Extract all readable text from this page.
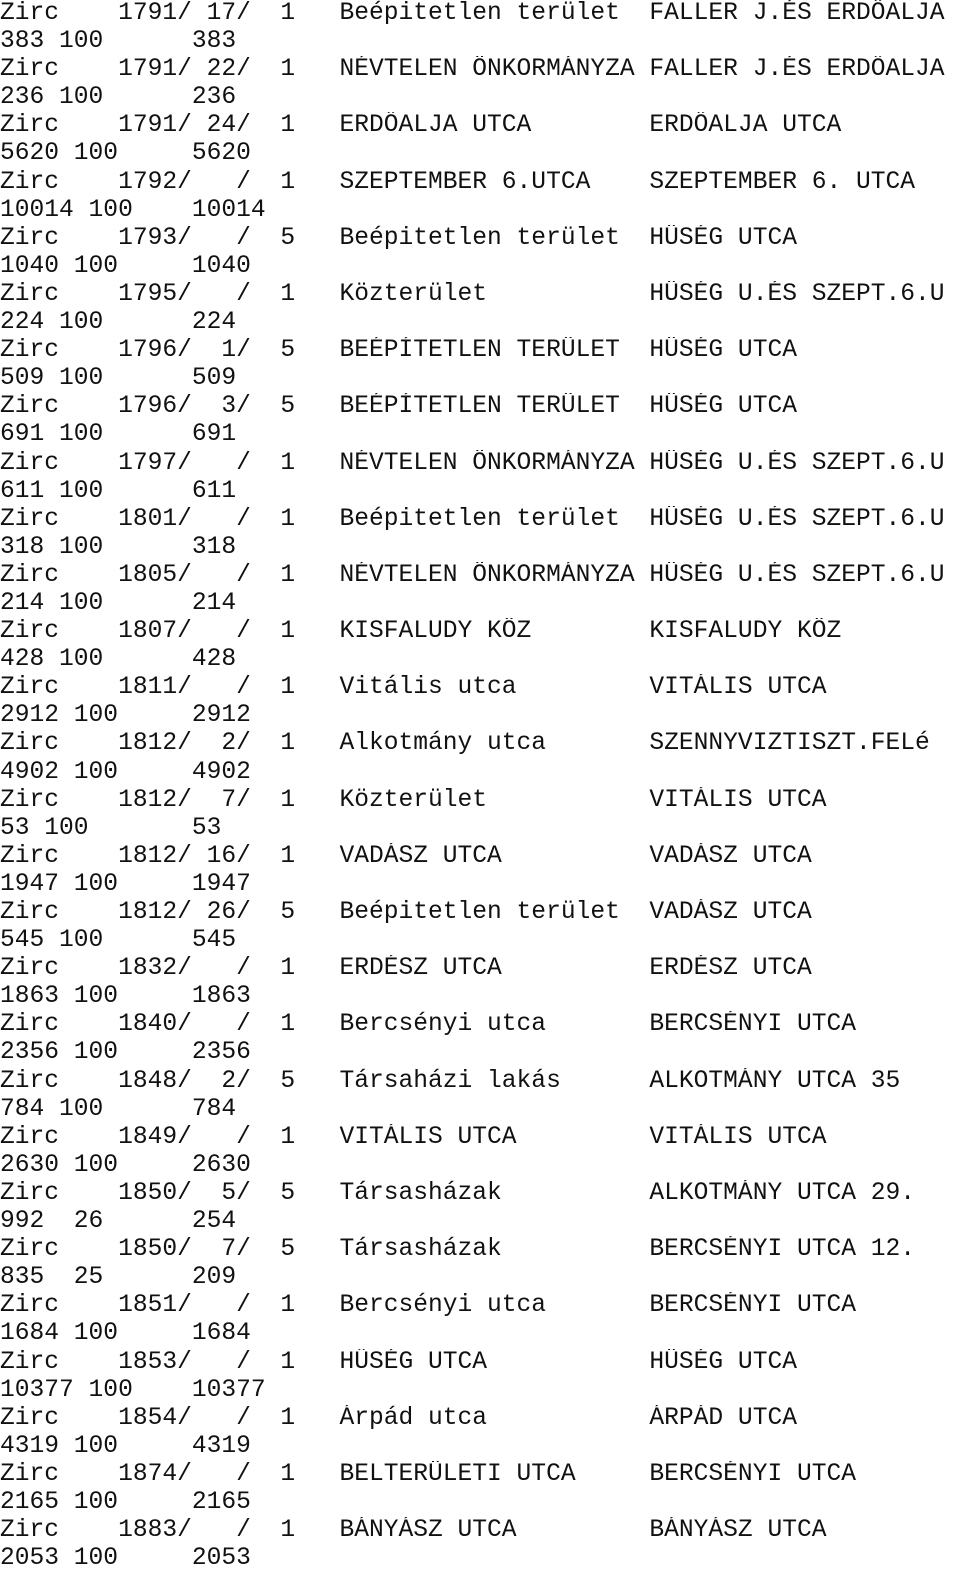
Zirc    1791/ 17/  1   Beépitetlen terület  FALLER J.ÉS ERDŐALJA
383 100      383
Zirc    1791/ 22/  1   NÉVTELEN ÖNKORMÁNYZA FALLER J.ÉS ERDŐALJA
236 100      236
Zirc    1791/ 24/  1   ERDŐALJA UTCA        ERDŐALJA UTCA
5620 100     5620
Zirc    1792/   /  1   SZEPTEMBER 6.UTCA    SZEPTEMBER 6. UTCA
10014 100    10014
Zirc    1793/   /  5   Beépitetlen terület  HÜSÉG UTCA
1040 100     1040
Zirc    1795/   /  1   Közterület           HÜSÉG U.ÉS SZEPT.6.U
224 100      224
Zirc    1796/  1/  5   BEÉPÍTETLEN TERÜLET  HÜSÉG UTCA
509 100      509
Zirc    1796/  3/  5   BEÉPÍTETLEN TERÜLET  HÜSÉG UTCA
691 100      691
Zirc    1797/   /  1   NÉVTELEN ÖNKORMÁNYZA HÜSÉG U.ÉS SZEPT.6.U
611 100      611
Zirc    1801/   /  1   Beépitetlen terület  HÜSÉG U.ÉS SZEPT.6.U
318 100      318
Zirc    1805/   /  1   NÉVTELEN ÖNKORMÁNYZA HÜSÉG U.ÉS SZEPT.6.U
214 100      214
Zirc    1807/   /  1   KISFALUDY KÖZ        KISFALUDY KÖZ
428 100      428
Zirc    1811/   /  1   Vitális utca         VITÁLIS UTCA
2912 100     2912
Zirc    1812/  2/  1   Alkotmány utca       SZENNYVIZTISZT.FELé
4902 100     4902
Zirc    1812/  7/  1   Közterület           VITÁLIS UTCA
53 100       53
Zirc    1812/ 16/  1   VADÁSZ UTCA          VADÁSZ UTCA
1947 100     1947
Zirc    1812/ 26/  5   Beépitetlen terület  VADÁSZ UTCA
545 100      545
Zirc    1832/   /  1   ERDÉSZ UTCA          ERDÉSZ UTCA
1863 100     1863
Zirc    1840/   /  1   Bercsényi utca       BERCSÉNYI UTCA
2356 100     2356
Zirc    1848/  2/  5   Társaházi lakás      ALKOTMÁNY UTCA 35
784 100      784
Zirc    1849/   /  1   VITÁLIS UTCA         VITÁLIS UTCA
2630 100     2630
Zirc    1850/  5/  5   Társasházak          ALKOTMÁNY UTCA 29.
992  26      254
Zirc    1850/  7/  5   Társasházak          BERCSÉNYI UTCA 12.
835  25      209
Zirc    1851/   /  1   Bercsényi utca       BERCSÉNYI UTCA
1684 100     1684
Zirc    1853/   /  1   HŰSÉG UTCA           HÜSÉG UTCA
10377 100    10377
Zirc    1854/   /  1   Árpád utca           ÁRPÁD UTCA
4319 100     4319
Zirc    1874/   /  1   BELTERÜLETI UTCA     BERCSÉNYI UTCA
2165 100     2165
Zirc    1883/   /  1   BÁNYÁSZ UTCA         BÁNYÁSZ UTCA
2053 100     2053
